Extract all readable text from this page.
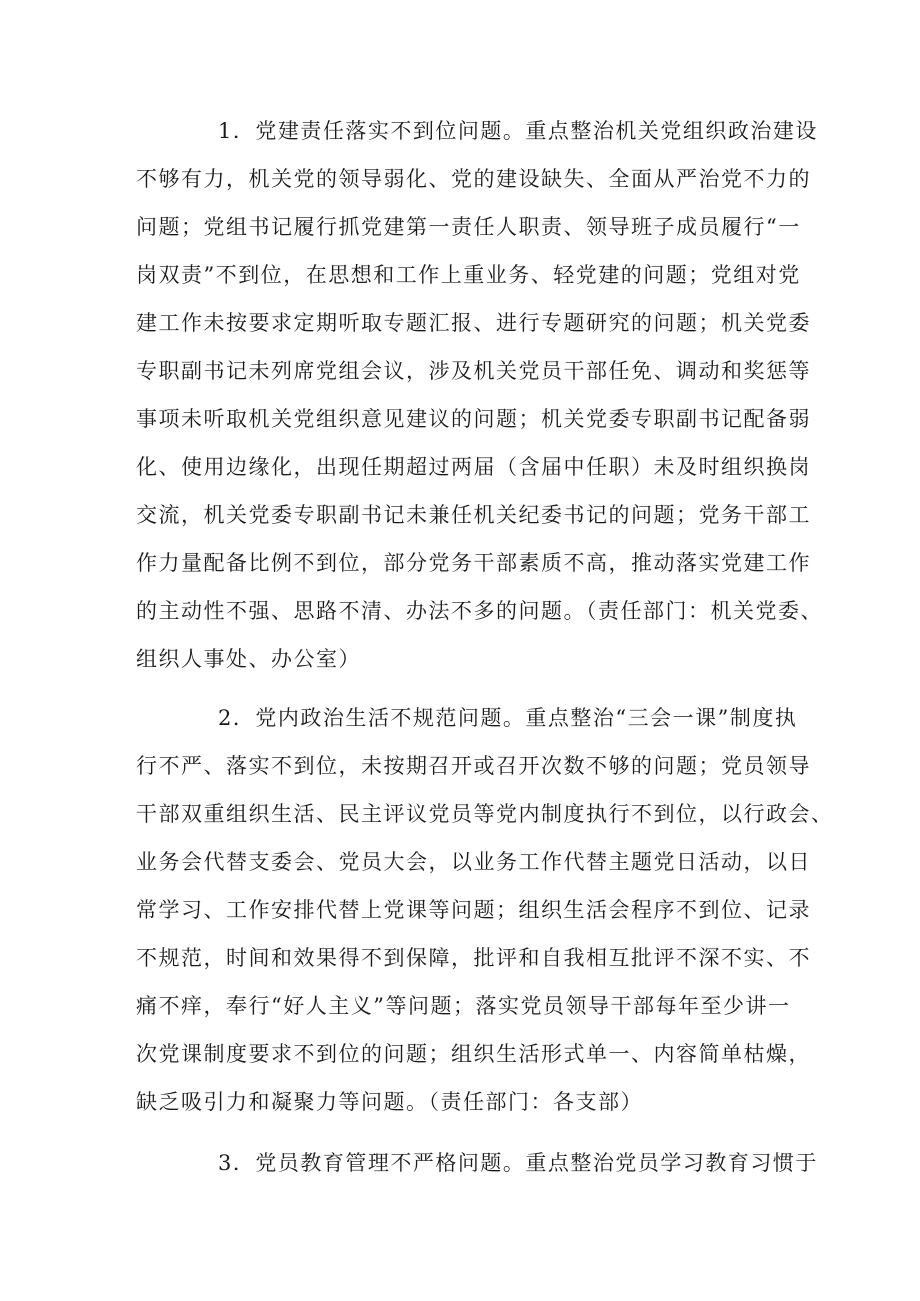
1．党建责任落实不到位问题。重点整治机关党组织政治建设
不够有力，机关党的领导弱化、党的建设缺失、全面从严治党不力的
问题；党组书记履行抓党建第一责任人职责、领导班子成员履行“一
岗双责”不到位，在思想和工作上重业务、轻党建的问题；党组对党
建工作未按要求定期听取专题汇报、进行专题研究的问题；机关党委
专职副书记未列席党组会议，涉及机关党员干部任免、调动和奖惩等
事项未听取机关党组织意见建议的问题；机关党委专职副书记配备弱
化、使用边缘化，出现任期超过两届（含届中任职）未及时组织换岗
交流，机关党委专职副书记未兼任机关纪委书记的问题；党务干部工
作力量配备比例不到位，部分党务干部素质不高，推动落实党建工作
的主动性不强、思路不清、办法不多的问题。（责任部门：机关党委、
组织人事处、办公室）
2．党内政治生活不规范问题。重点整治“三会一课”制度执
行不严、落实不到位，未按期召开或召开次数不够的问题；党员领导
干部双重组织生活、民主评议党员等党内制度执行不到位，以行政会、
业务会代替支委会、党员大会，以业务工作代替主题党日活动，以日
常学习、工作安排代替上党课等问题；组织生活会程序不到位、记录
不规范，时间和效果得不到保障，批评和自我相互批评不深不实、不
痛不痒，奉行“好人主义”等问题；落实党员领导干部每年至少讲一
次党课制度要求不到位的问题；组织生活形式单一、内容简单枯燥，
缺乏吸引力和凝聚力等问题。（责任部门：各支部）
3．党员教育管理不严格问题。重点整治党员学习教育习惯于
